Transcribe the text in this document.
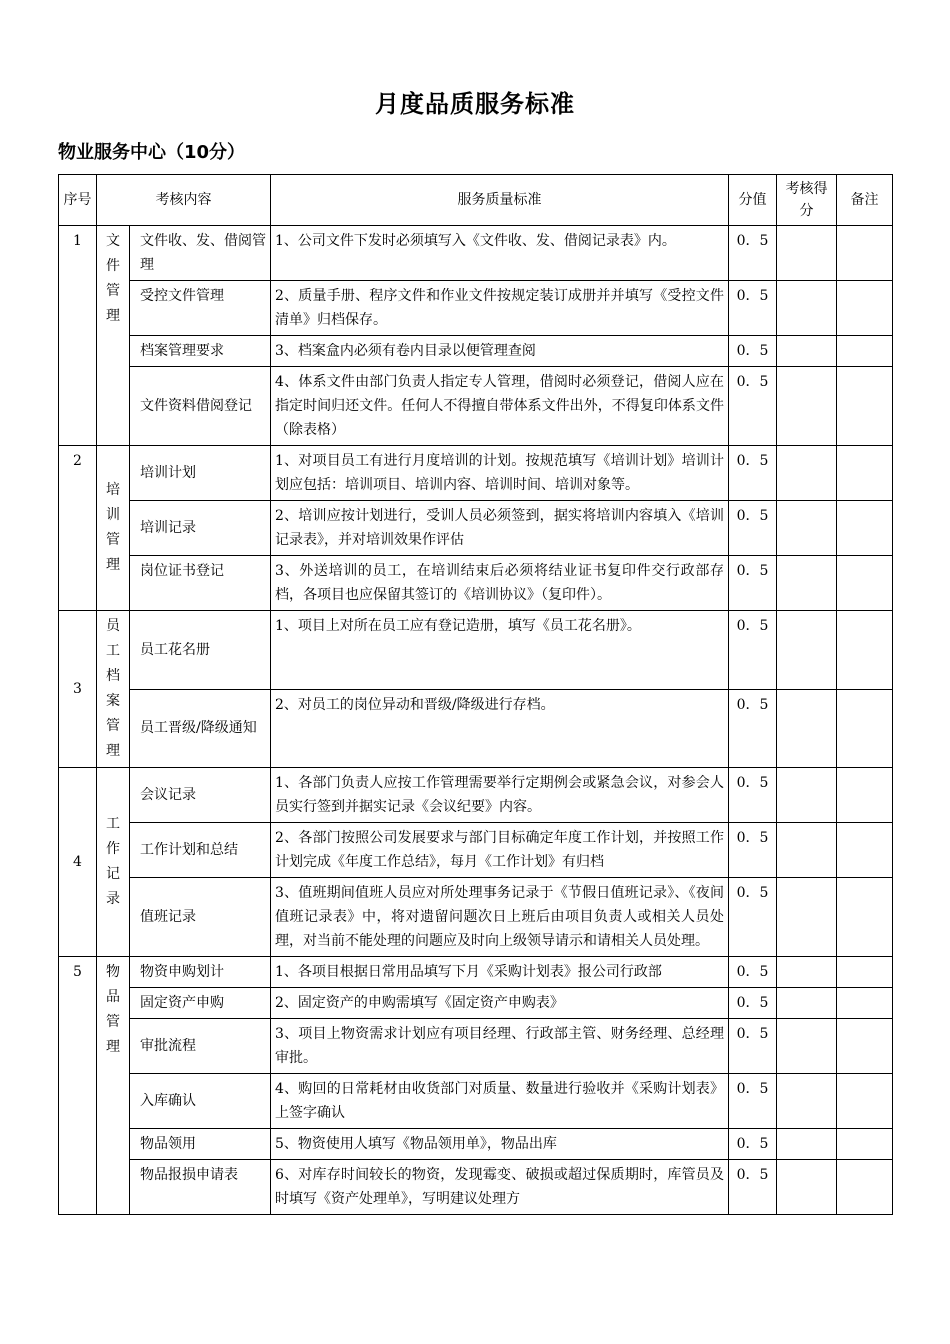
月度品质服务标准
物业服务中心（10分）
序号	考核内容		服务质量标准	分值	考核得分	备注
1	文件管理	文件收、发、借阅管理	1、公司文件下发时必须填写入《文件收、发、借阅记录表》内。	0．5		
		受控文件管理	2、质量手册、程序文件和作业文件按规定装订成册并并填写《受控文件清单》归档保存。	0．5		
		档案管理要求	3、档案盒内必须有卷内目录以便管理查阅	0．5		
		文件资料借阅登记	4、体系文件由部门负责人指定专人管理，借阅时必须登记，借阅人应在指定时间归还文件。任何人不得擅自带体系文件出外，不得复印体系文件（除表格）	0．5		
2	培训管理	培训计划	1、对项目员工有进行月度培训的计划。按规范填写《培训计划》培训计划应包括：培训项目、培训内容、培训时间、培训对象等。	0．5		
		培训记录	2、培训应按计划进行，受训人员必须签到，据实将培训内容填入《培训记录表》，并对培训效果作评估	0．5		
		岗位证书登记	3、外送培训的员工，在培训结束后必须将结业证书复印件交行政部存档，各项目也应保留其签订的《培训协议》（复印件）。	0．5		
3	员工档案管理	员工花名册	1、项目上对所在员工应有登记造册，填写《员工花名册》。	0．5		
		员工晋级/降级通知	2、对员工的岗位异动和晋级/降级进行存档。	0．5		
4	工作记录	会议记录	1、各部门负责人应按工作管理需要举行定期例会或紧急会议，对参会人员实行签到并据实记录《会议纪要》内容。	0．5		
		工作计划和总结	2、各部门按照公司发展要求与部门目标确定年度工作计划，并按照工作计划完成《年度工作总结》，每月《工作计划》有归档	0．5		
		值班记录	3、值班期间值班人员应对所处理事务记录于《节假日值班记录》、《夜间值班记录表》中，将对遗留问题次日上班后由项目负责人或相关人员处理，对当前不能处理的问题应及时向上级领导请示和请相关人员处理。	0．5		
5	物品管理	物资申购划计	1、各项目根据日常用品填写下月《采购计划表》报公司行政部	0．5		
		固定资产申购	2、固定资产的申购需填写《固定资产申购表》	0．5		
		审批流程	3、项目上物资需求计划应有项目经理、行政部主管、财务经理、总经理审批。	0．5		
		入库确认	4、购回的日常耗材由收货部门对质量、数量进行验收并《采购计划表》上签字确认	0．5		
		物品领用	5、物资使用人填写《物品领用单》，物品出库	0．5		
		物品报损申请表	6、对库存时间较长的物资，发现霉变、破损或超过保质期时，库管员及时填写《资产处理单》，写明建议处理方	0．5		
